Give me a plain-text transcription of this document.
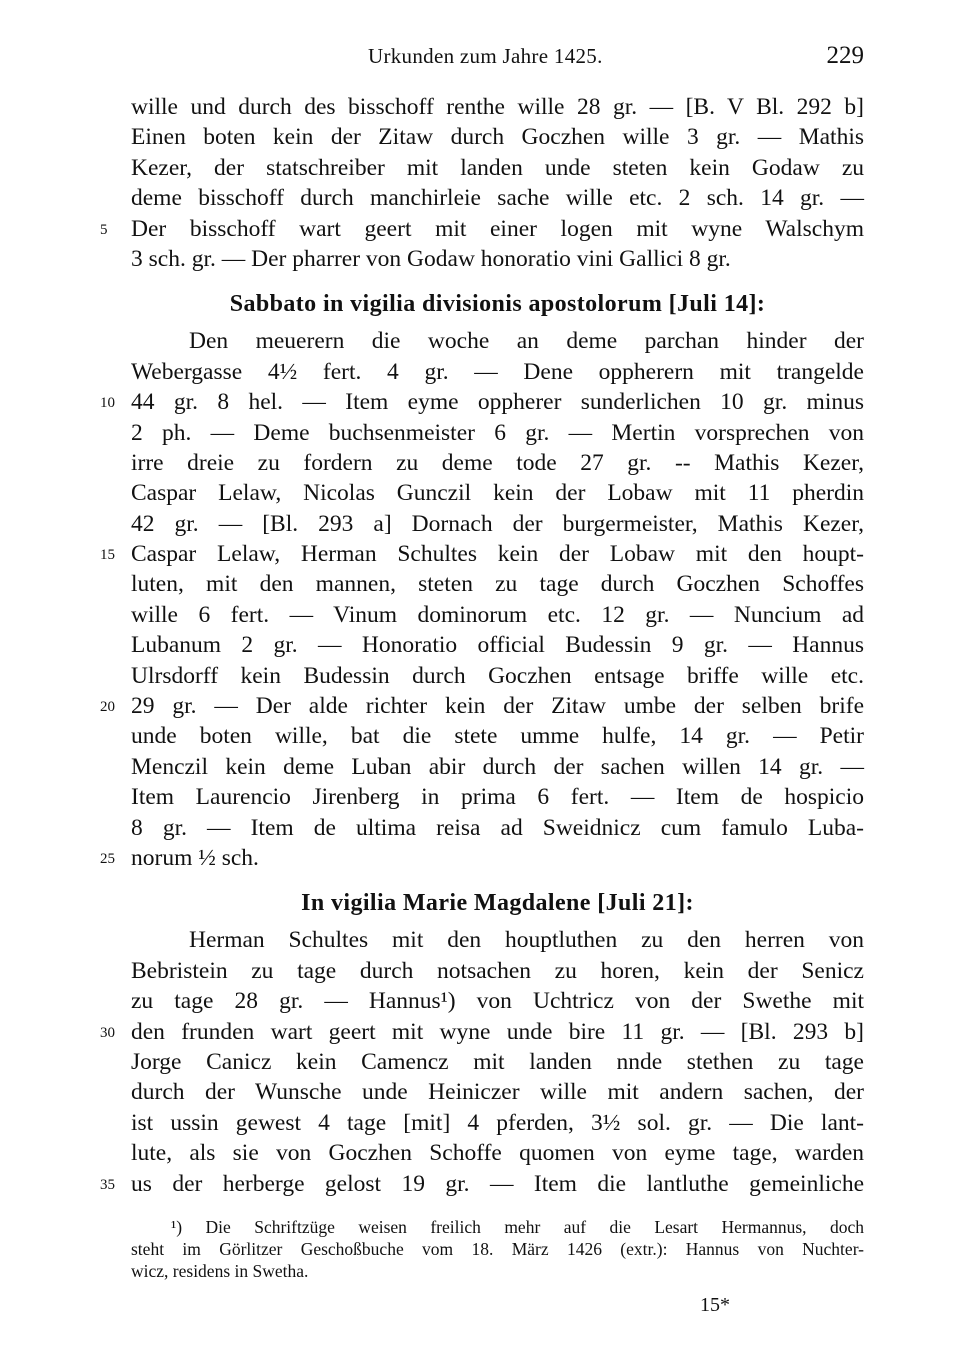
Urkunden zum Jahre 1425.	229
wille und durch des bisschoff renthe wille 28 gr. — [B. V Bl. 292 b]
Einen boten kein der Zitaw durch Goczhen wille 3 gr. — Mathis
Kezer, der statschreiber mit landen unde steten kein Godaw zu
deme bisschoff durch manchirleie sache wille etc. 2 sch. 14 gr. —
Der bisschoff wart geert mit einer logen mit wyne Walschym
5
3 sch. gr. — Der pharrer von Godaw honoratio vini Gallici 8 gr.
Sabbato in vigilia divisionis apostolorum [Juli 14]:
Den meuerern die woche an deme parchan hinder der
Webergasse 4½ fert. 4 gr. — Dene oppherern mit trangelde
44 gr. 8 hel. — Item eyme oppherer sunderlichen 10 gr. minus
10
2 ph. — Deme buchsenmeister 6 gr. — Mertin vorsprechen von
irre dreie zu fordern zu deme tode 27 gr. -- Mathis Kezer,
Caspar Lelaw, Nicolas Gunczil kein der Lobaw mit 11 pherdin
42 gr. — [Bl. 293 a] Dornach der burgermeister, Mathis Kezer,
Caspar Lelaw, Herman Schultes kein der Lobaw mit den houpt-
15
luten, mit den mannen, steten zu tage durch Goczhen Schoffes
wille 6 fert. — Vinum dominorum etc. 12 gr. — Nuncium ad
Lubanum 2 gr. — Honoratio official Budessin 9 gr. — Hannus
Ulrsdorff kein Budessin durch Goczhen entsage briffe wille etc.
29 gr. — Der alde richter kein der Zitaw umbe der selben brife
20
unde boten wille, bat die stete umme hulfe, 14 gr. — Petir
Menczil kein deme Luban abir durch der sachen willen 14 gr. —
Item Laurencio Jirenberg in prima 6 fert. — Item de hospicio
8 gr. — Item de ultima reisa ad Sweidnicz cum famulo Luba-
norum ½ sch.
25
In vigilia Marie Magdalene [Juli 21]:
Herman Schultes mit den houptluthen zu den herren von
Bebristein zu tage durch notsachen zu horen, kein der Senicz
zu tage 28 gr. — Hannus¹) von Uchtricz von der Swethe mit
den frunden wart geert mit wyne unde bire 11 gr. — [Bl. 293 b]
30
Jorge Canicz kein Camencz mit landen nnde stethen zu tage
durch der Wunsche unde Heiniczer wille mit andern sachen, der
ist ussin gewest 4 tage [mit] 4 pferden, 3½ sol. gr. — Die lant-
lute, als sie von Goczhen Schoffe quomen von eyme tage, warden
us der herberge gelost 19 gr. — Item die lantluthe gemeinliche
35
¹) Die Schriftzüge weisen freilich mehr auf die Lesart Hermannus, doch
steht im Görlitzer Geschoßbuche vom 18. März 1426 (extr.): Hannus von Nuchter-
wicz, residens in Swetha.
15*
